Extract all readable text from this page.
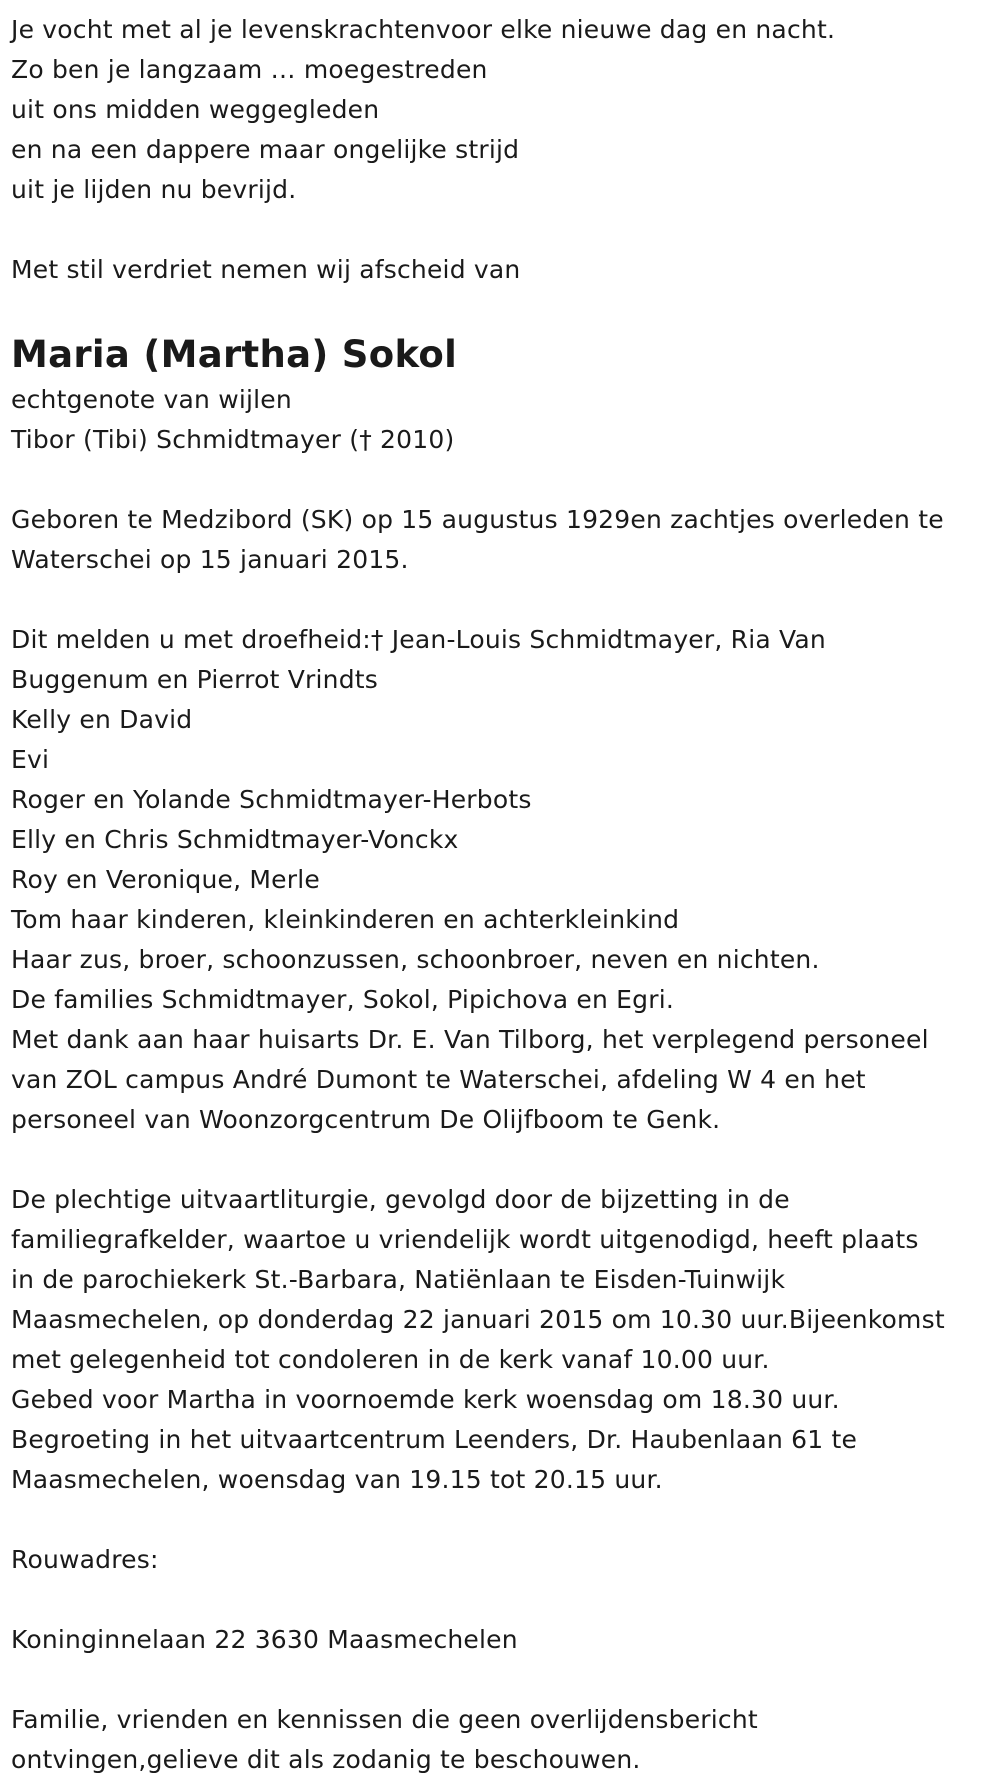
Je vocht met al je levenskrachtenvoor elke nieuwe dag en nacht.
Zo ben je langzaam … moegestreden
uit ons midden weggegleden
en na een dappere maar ongelijke strijd
uit je lijden nu bevrijd.
Met stil verdriet nemen wij afscheid van
Maria (Martha) Sokol
echtgenote van wijlen
Tibor (Tibi) Schmidtmayer († 2010)
Geboren te Medzibord (SK) op 15 augustus 1929en zachtjes overleden te
Waterschei op 15 januari 2015.
Dit melden u met droefheid:† Jean-Louis Schmidtmayer, Ria Van
Buggenum en Pierrot Vrindts
Kelly en David
Evi
Roger en Yolande Schmidtmayer-Herbots
Elly en Chris Schmidtmayer-Vonckx
Roy en Veronique, Merle
Tom haar kinderen, kleinkinderen en achterkleinkind
Haar zus, broer, schoonzussen, schoonbroer, neven en nichten.
De families Schmidtmayer, Sokol, Pipichova en Egri.
Met dank aan haar huisarts Dr. E. Van Tilborg, het verplegend personeel
van ZOL campus André Dumont te Waterschei, afdeling W 4 en het
personeel van Woonzorgcentrum De Olijfboom te Genk.
De plechtige uitvaartliturgie, gevolgd door de bijzetting in de
familiegrafkelder, waartoe u vriendelijk wordt uitgenodigd, heeft plaats
in de parochiekerk St.-Barbara, Natiënlaan te Eisden-Tuinwijk
Maasmechelen, op donderdag 22 januari 2015 om 10.30 uur.Bijeenkomst
met gelegenheid tot condoleren in de kerk vanaf 10.00 uur.
Gebed voor Martha in voornoemde kerk woensdag om 18.30 uur.
Begroeting in het uitvaartcentrum Leenders, Dr. Haubenlaan 61 te
Maasmechelen, woensdag van 19.15 tot 20.15 uur.
Rouwadres:
Koninginnelaan 22 3630 Maasmechelen
Familie, vrienden en kennissen die geen overlijdensbericht
ontvingen,gelieve dit als zodanig te beschouwen.
